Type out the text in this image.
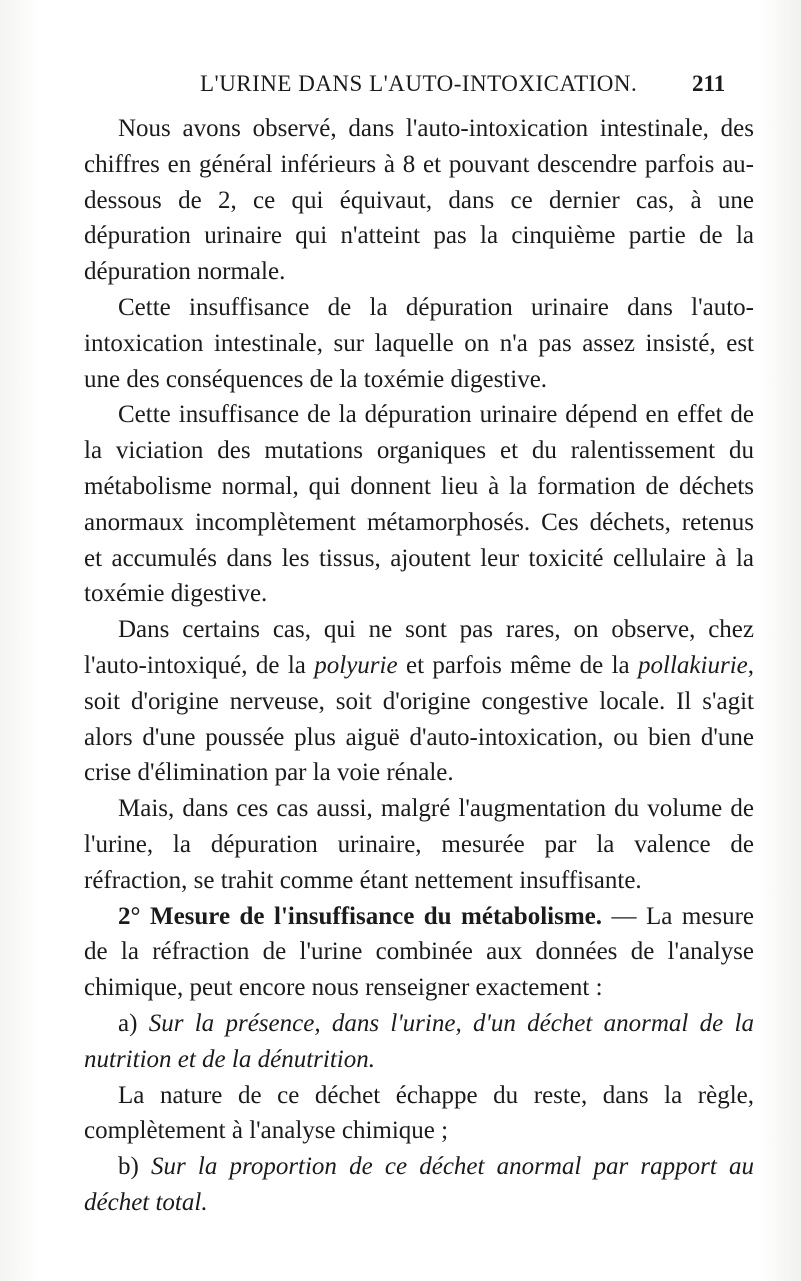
L'URINE DANS L'AUTO-INTOXICATION. 211

Nous avons observé, dans l'auto-intoxication intestinale, des chiffres en général inférieurs à 8 et pouvant descendre parfois au-dessous de 2, ce qui équivaut, dans ce dernier cas, à une dépuration urinaire qui n'atteint pas la cinquième partie de la dépuration normale.

Cette insuffisance de la dépuration urinaire dans l'auto-intoxication intestinale, sur laquelle on n'a pas assez insisté, est une des conséquences de la toxémie digestive.

Cette insuffisance de la dépuration urinaire dépend en effet de la viciation des mutations organiques et du ralentissement du métabolisme normal, qui donnent lieu à la formation de déchets anormaux incomplètement métamorphosés. Ces déchets, retenus et accumulés dans les tissus, ajoutent leur toxicité cellulaire à la toxémie digestive.

Dans certains cas, qui ne sont pas rares, on observe, chez l'auto-intoxiqué, de la polyurie et parfois même de la pollakiurie, soit d'origine nerveuse, soit d'origine congestive locale. Il s'agit alors d'une poussée plus aiguë d'auto-intoxication, ou bien d'une crise d'élimination par la voie rénale.

Mais, dans ces cas aussi, malgré l'augmentation du volume de l'urine, la dépuration urinaire, mesurée par la valence de réfraction, se trahit comme étant nettement insuffisante.

2° Mesure de l'insuffisance du métabolisme. — La mesure de la réfraction de l'urine combinée aux données de l'analyse chimique, peut encore nous renseigner exactement :

a) Sur la présence, dans l'urine, d'un déchet anormal de la nutrition et de la dénutrition.

La nature de ce déchet échappe du reste, dans la règle, complètement à l'analyse chimique ;

b) Sur la proportion de ce déchet anormal par rapport au déchet total.
